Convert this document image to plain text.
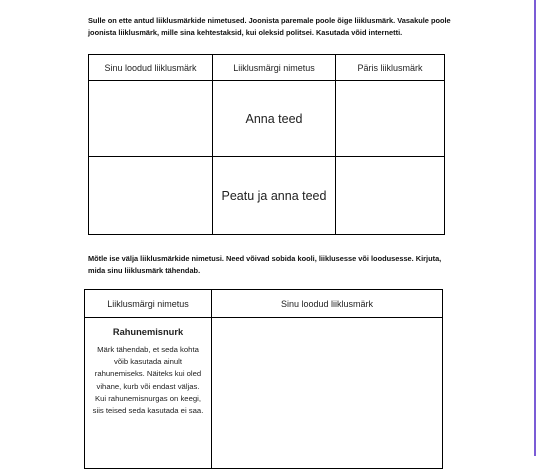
Sulle on ette antud liiklusmärkide nimetused. Joonista paremale poole õige liiklusmärk. Vasakule poole joonista liiklusmärk, mille sina kehtestaksid, kui oleksid politsei. Kasutada võid internetti.

Sinu loodud liiklusmärk	Liiklusmärgi nimetus	Päris liiklusmärk
	Anna teed	
	Peatu ja anna teed	

Mõtle ise välja liiklusmärkide nimetusi. Need võivad sobida kooli, liiklusesse või loodusesse. Kirjuta, mida sinu liiklusmärk tähendab.

Liiklusmärgi nimetus	Sinu loodud liiklusmärk

Rahunemisnurk
Märk tähendab, et seda kohta võib kasutada ainult rahunemiseks. Näiteks kui oled vihane, kurb või endast väljas. Kui rahunemisnurgas on keegi, siis teised seda kasutada ei saa.	
